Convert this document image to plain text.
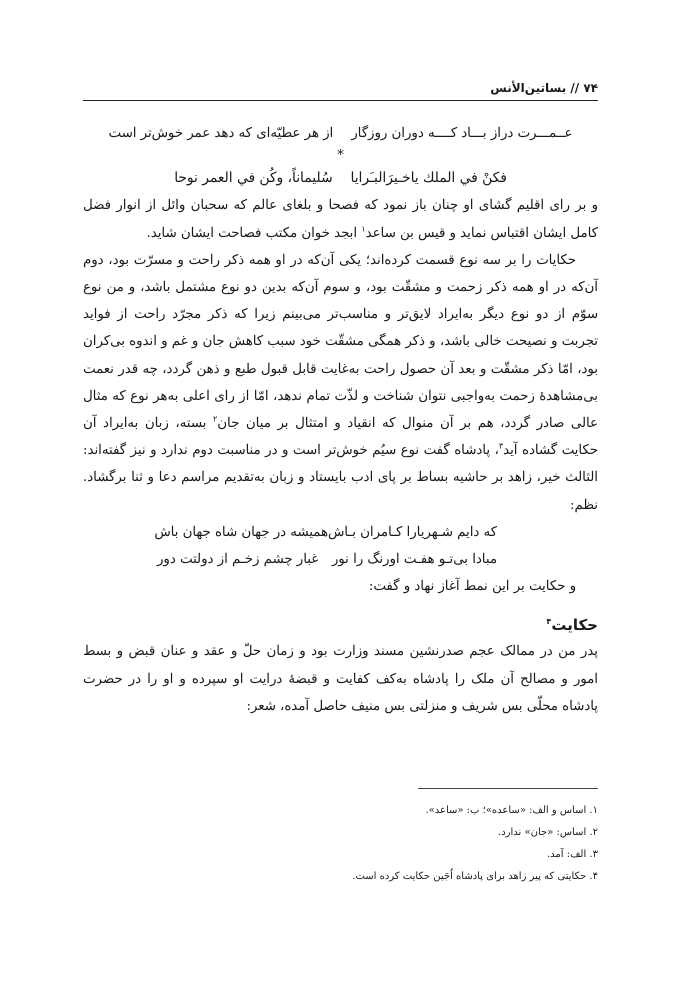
۷۴ // بساتین‌الأنس
عــمـــرت دراز بـــاد کــــه دوران روزگار
از هر عطیّه‌ای که دهد عمر خوش‌تر است
*
فكنْ في الملك ياخـيرَالبـَرايا
سُليماناً، وكُن في العمر نوحا

و بر رای اقلیم گشای او چنان باز نمود که فصحا و بلغای عالم که سحبان وائل از انوار فضل کامل ایشان اقتباس نماید و قیس بن ساعد$^۱$ ابجد خوان مکتب فصاحت ایشان شاید.

حکایات را بر سه نوع قسمت کرده‌اند؛ یکی آن‌که در او همه ذکر راحت و مسرّت بود، دوم آن‌که در او همه ذکر زحمت و مشقّت بود، و سوم آن‌که بدین دو نوع مشتمل باشد، و من نوع سوّم از دو نوع دیگر به‌ایراد لایق‌تر و مناسب‌تر می‌بینم زیرا که ذکر مجرّد راحت از فواید تجربت و نصیحت خالی باشد، و ذکر همگی مشقّت خود سبب کاهش جان و غم و اندوه بی‌کران بود، امّا ذکر مشقّت و بعد آن حصول راحت به‌غایت قابل قبول طبع و ذهن گردد، چه قدر نعمت بی‌مشاهدهٔ زحمت به‌واجبی نتوان شناخت و لذّت تمام ندهد، امّا از رای اعلی به‌هر نوع که مثال عالی صادر گردد، هم بر آن منوال که انقیاد و امتثال بر میان جان$^۲$ بسته، زبان به‌ایراد آن حکایت گشاده آید$^۳$، پادشاه گفت نوع سیُم خوش‌تر است و در مناسبت دوم ندارد و نیز گفته‌اند: الثالث خیر، زاهد بر حاشیه بساط بر پای ادب بایستاد و زبان به‌تقدیم مراسم دعا و ثنا برگشاد. نظم:

که دایم شـهریارا کـامران بـاش
همیشه در جهان شاه جهان باش
مبادا بی‌تـو هفـت اورنگ را نور
غبار چشم زخـم از دولتت دور

و حکایت بر این نمط آغاز نهاد و گفت:

حکایت$^۴$

پدر من در ممالک عجم صدرنشین مسند وزارت بود و زمان حلّ و عقد و عنان قبض و بسط امور و مصالح آن ملک را پادشاه به‌کف کفایت و قبضهٔ درایت او سپرده و او را در حضرت پادشاه محلّی بس شریف و منزلتی بس منیف حاصل آمده، شعر:

۱. اساس و الف: «ساعده»؛ ب: «ساعد».
۲. اساس: «جان» ندارد.
۳. الف: آمد.
۴. حکایتی که پیر زاهد برای پادشاه اُجَین حکایت کرده است.
